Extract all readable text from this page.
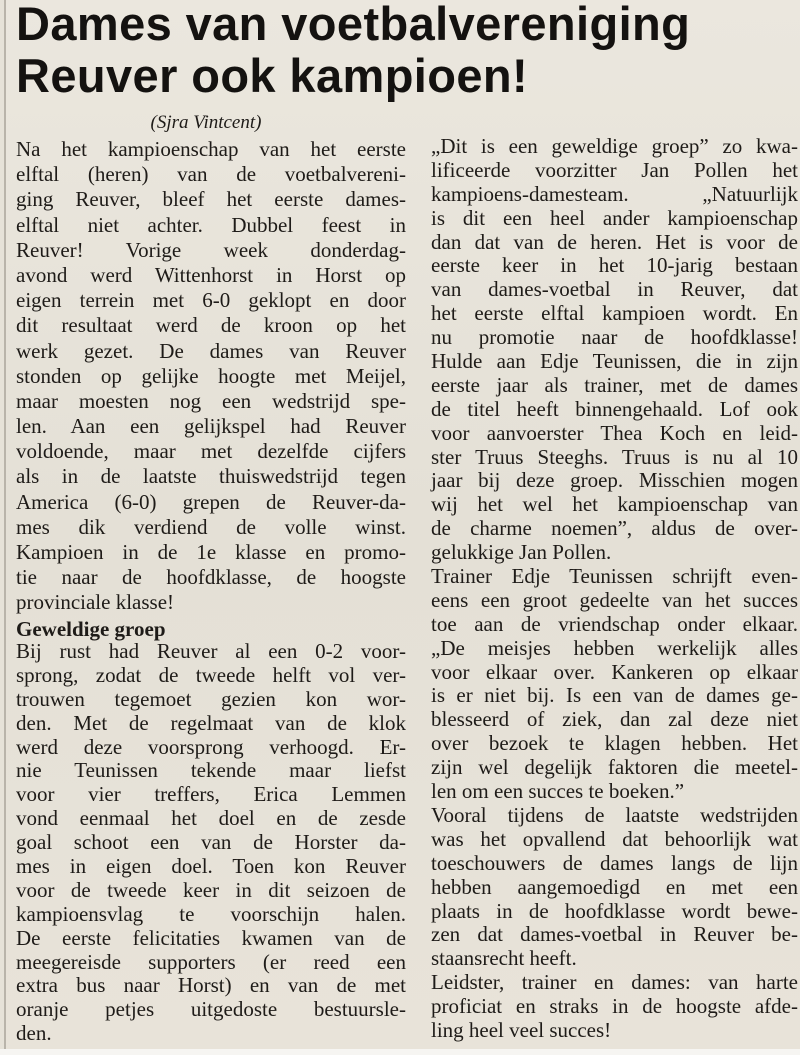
Dames van voetbalvereniging
Reuver ook kampioen!
(Sjra Vintcent)
Na het kampioenschap van het eerste
elftal (heren) van de voetbalvereni-
ging Reuver, bleef het eerste dames-
elftal niet achter. Dubbel feest in
Reuver! Vorige week donderdag-
avond werd Wittenhorst in Horst op
eigen terrein met 6-0 geklopt en door
dit resultaat werd de kroon op het
werk gezet. De dames van Reuver
stonden op gelijke hoogte met Meijel,
maar moesten nog een wedstrijd spe-
len. Aan een gelijkspel had Reuver
voldoende, maar met dezelfde cijfers
als in de laatste thuiswedstrijd tegen
America (6-0) grepen de Reuver-da-
mes dik verdiend de volle winst.
Kampioen in de 1e klasse en promo-
tie naar de hoofdklasse, de hoogste
provinciale klasse!
Geweldige groep
Bij rust had Reuver al een 0-2 voor-
sprong, zodat de tweede helft vol ver-
trouwen tegemoet gezien kon wor-
den. Met de regelmaat van de klok
werd deze voorsprong verhoogd. Er-
nie Teunissen tekende maar liefst
voor vier treffers, Erica Lemmen
vond eenmaal het doel en de zesde
goal schoot een van de Horster da-
mes in eigen doel. Toen kon Reuver
voor de tweede keer in dit seizoen de
kampioensvlag te voorschijn halen.
De eerste felicitaties kwamen van de
meegereisde supporters (er reed een
extra bus naar Horst) en van de met
oranje petjes uitgedoste bestuursle-
den.
„Dit is een geweldige groep” zo kwa-
lificeerde voorzitter Jan Pollen het
kampioens-damesteam. „Natuurlijk
is dit een heel ander kampioenschap
dan dat van de heren. Het is voor de
eerste keer in het 10-jarig bestaan
van dames-voetbal in Reuver, dat
het eerste elftal kampioen wordt. En
nu promotie naar de hoofdklasse!
Hulde aan Edje Teunissen, die in zijn
eerste jaar als trainer, met de dames
de titel heeft binnengehaald. Lof ook
voor aanvoerster Thea Koch en leid-
ster Truus Steeghs. Truus is nu al 10
jaar bij deze groep. Misschien mogen
wij het wel het kampioenschap van
de charme noemen”, aldus de over-
gelukkige Jan Pollen.
Trainer Edje Teunissen schrijft even-
eens een groot gedeelte van het succes
toe aan de vriendschap onder elkaar.
„De meisjes hebben werkelijk alles
voor elkaar over. Kankeren op elkaar
is er niet bij. Is een van de dames ge-
blesseerd of ziek, dan zal deze niet
over bezoek te klagen hebben. Het
zijn wel degelijk faktoren die meetel-
len om een succes te boeken.”
Vooral tijdens de laatste wedstrijden
was het opvallend dat behoorlijk wat
toeschouwers de dames langs de lijn
hebben aangemoedigd en met een
plaats in de hoofdklasse wordt bewe-
zen dat dames-voetbal in Reuver be-
staansrecht heeft.
Leidster, trainer en dames: van harte
proficiat en straks in de hoogste afde-
ling heel veel succes!
